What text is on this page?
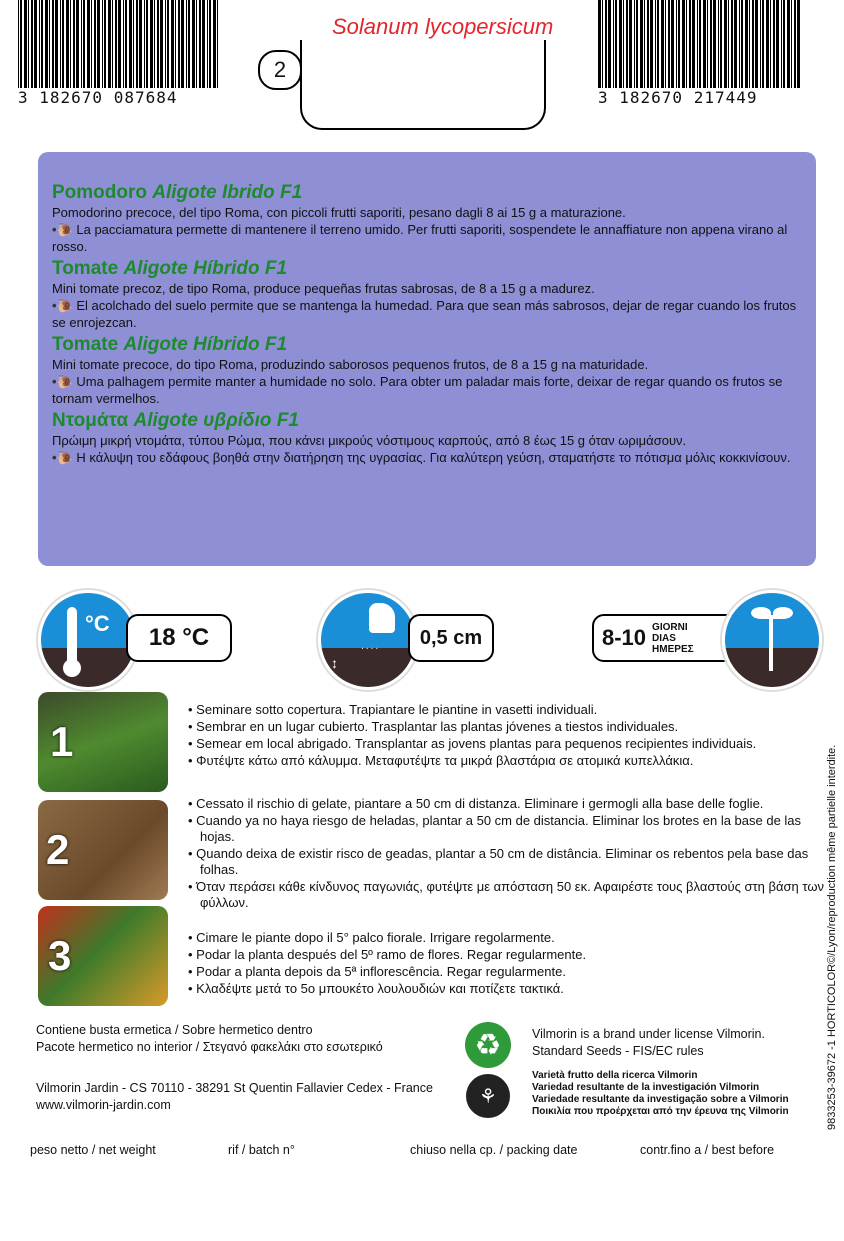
3 182670 087684
Solanum lycopersicum
2
3 182670 217449
Pomodoro Aligote Ibrido F1
Pomodorino precoce, del tipo Roma, con piccoli frutti saporiti, pesano dagli 8 ai 15 g a maturazione.
•🐌 La pacciamatura permette di mantenere il terreno umido. Per frutti saporiti, sospendete le annaffiature non appena virano al rosso.
Tomate Aligote Híbrido F1
Mini tomate precoz, de tipo Roma, produce pequeñas frutas sabrosas, de 8 a 15 g a madurez.
•🐌 El acolchado del suelo permite que se mantenga la humedad. Para que sean más sabrosos, dejar de regar cuando los frutos se enrojezcan.
Tomate Aligote Híbrido F1
Mini tomate precoce, do tipo Roma, produzindo saborosos pequenos frutos, de 8 a 15 g na maturidade.
•🐌 Uma palhagem permite manter a humidade no solo. Para obter um paladar mais forte, deixar de regar quando os frutos se tornam vermelhos.
Ντομάτα Aligote υβρίδιο F1
Πρώιμη μικρή ντομάτα, τύπου Ρώμα, που κάνει μικρούς νόστιμους καρπούς, από 8 έως 15 g όταν ωριμάσουν.
•🐌 Η κάλυψη του εδάφους βοηθά στην διατήρηση της υγρασίας. Για καλύτερη γεύση, σταματήστε το πότισμα μόλις κοκκινίσουν.
°C
18 °C
↕
∙∙∙∙	0,5 cm	8-10 GIORNI
DIAS
ΗΜΕΡΕΣ
1
• Seminare sotto copertura. Trapiantare le piantine in vasetti individuali.
• Sembrar en un lugar cubierto. Trasplantar las plantas jóvenes a tiestos individuales.
• Semear em local abrigado. Transplantar as jovens plantas para pequenos recipientes individuais.
• Φυτέψτε κάτω από κάλυμμα. Μεταφυτέψτε τα μικρά βλαστάρια σε ατομικά κυπελλάκια.
2
• Cessato il rischio di gelate, piantare a 50 cm di distanza. Eliminare i germogli alla base delle foglie.
• Cuando ya no haya riesgo de heladas, plantar a 50 cm de distancia. Eliminar los brotes en la base de las hojas.
• Quando deixa de existir risco de geadas, plantar a 50 cm de distância. Eliminar os rebentos pela base das folhas.
• Όταν περάσει κάθε κίνδυνος παγωνιάς, φυτέψτε με απόσταση 50 εκ. Αφαιρέστε τους βλαστούς στη βάση των φύλλων.
3
•	Cimare le piante dopo il 5° palco fiorale. Irrigare regolarmente.
• Podar la planta después del 5º ramo de flores. Regar regularmente.
• Podar a planta depois da 5ª inflorescência. Regar regularmente.
• Κλαδέψτε μετά το 5ο μπουκέτο λουλουδιών και ποτίζετε τακτικά.
Contiene busta ermetica / Sobre hermetico dentro
Pacote hermetico no interior / Στεγανό φακελάκι στο εσωτερικό
Vilmorin Jardin - CS 70110 - 38291 St Quentin Fallavier Cedex - France
www.vilmorin-jardin.com
♻	Vilmorin is a brand under license Vilmorin.
Standard Seeds - FIS/EC rules
⚘
Varietà frutto della ricerca Vilmorin
Variedad resultante de la investigación Vilmorin
Variedade resultante da investigação sobre a Vilmorin
Ποικιλία που προέρχεται από την έρευνα της Vilmorin	9833253-39672 -1 HORTICOLOR©/Lyon/reproduction même partielle interdite.
peso netto / net weight	rif / batch n°	chiuso nella cp. / packing date	contr.fino a / best before
